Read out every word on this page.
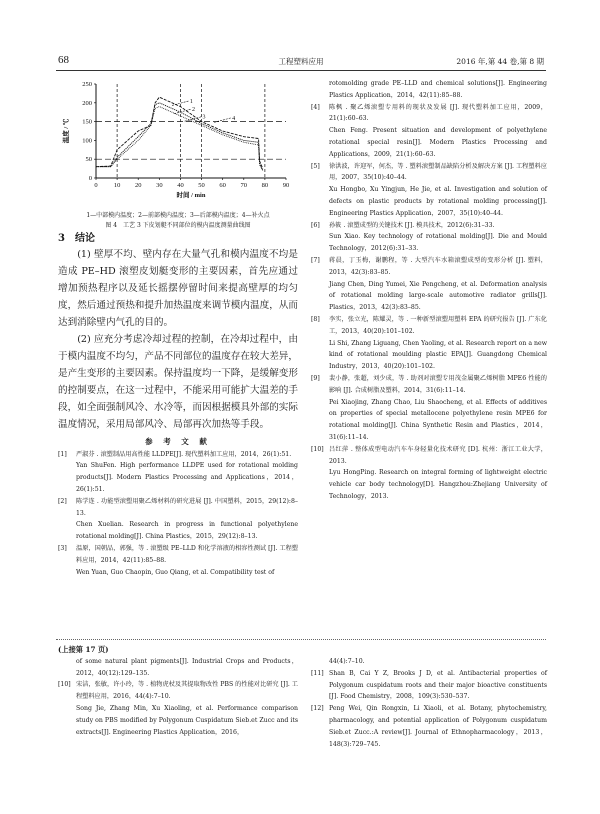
68	工程塑料应用	2016 年,第 44 卷,第 8 期
0 10 20 30 40 50 60 70 80 90
0
50
100
150
200
250
时间 / min
温度 / ℃
1
2
3	4

1—中部模内温度；2—前部模内温度；3—后部模内温度；4—补火点

图 4　工艺 3 下皮划艇不同部位的模内温度测量曲线图

3　结论

(1) 壁厚不均、壁内存在大量气孔和模内温度不均是造成 PE–HD 滚塑皮划艇变形的主要因素，首先应通过增加预热程序以及延长摇摆停留时间来提高壁厚的均匀度，然后通过预热和提升加热温度来调节模内温度，从而达到消除壁内气孔的目的。

(2) 应充分考虑冷却过程的控制，在冷却过程中，由于模内温度不均匀，产品不同部位的温度存在较大差异，是产生变形的主要因素。保持温度均一下降，是缓解变形的控制要点，在这一过程中，不能采用可能扩大温差的手段，如全面强制风冷、水冷等，而因根据模具外部的实际温度情况，采用局部风冷、局部再次加热等手段。

参 考 文 献
[1] 严淑芬 . 滚塑制品用高性能 LLDPE[J]. 现代塑料加工应用，2014，26(1):51.

Yan ShuFen. High performance LLDPE used for rotational molding products[J]. Modern Plastics Processing and Applications，2014，26(1):51.

[2] 陈学连 . 功能型滚塑用聚乙烯材料的研究进展 [J]. 中国塑料，2015，29(12):8–13.

Chen Xuelian. Research in progress in functional polyethylene rotational molding[J]. China Plastics，2015，29(12):8–13.

[3] 温原，国朝品，郭强，等 . 滚塑级 PE–LLD 和化学溶液的相容性测试 [J]. 工程塑料应用，2014，42(11):85–88.

Wen Yuan, Guo Chaopin, Guo Qiang, et al. Compatibility test of

rotomolding grade PE–LLD and chemical solutions[J]. Engineering Plastics Application，2014，42(11):85–88.

[4] 陈枫 . 聚乙烯滚塑专用料的现状及发展 [J]. 现代塑料加工应用，2009，21(1):60–63.

Chen Feng. Present situation and development of polyethylene rotational special resin[J]. Modern Plastics Processing and Applications，2009，21(1):60–63.

[5] 徐洪波，许迎军，何杰，等 . 塑料滚塑制品缺陷分析及解决方案 [J]. 工程塑料应用，2007，35(10):40–44.

Xu Hongbo, Xu Yingjun, He Jie, et al. Investigation and solution of defects on plastic products by rotational molding processing[J]. Engineering Plastics Application，2007，35(10):40–44.

[6] 孙筱 . 滚塑成型的关键技术 [J]. 模具技术，2012(6):31–33.

Sun Xiao. Key technology of rotational molding[J]. Die and Mould Technology，2012(6):31–33.

[7] 蒋晨，丁玉梅，谢鹏程，等 . 大型汽车水箱滚塑成型的变形分析 [J]. 塑料，2013，42(3):83–85.

Jiang Chen, Ding Yumei, Xie Pengcheng, et al. Deformation analysis of rotational molding large-scale automotive radiator grills[J]. Plastics，2013，42(3):83–85.

[8] 李实，张立光，陈耀灵，等 . 一种新型滚塑用塑料 EPA 的研究报告 [J]. 广东化工，2013，40(20):101–102.

Li Shi, Zhang Liguang, Chen Yaoling, et al. Research report on a new kind of rotational moulding plastic EPA[J]. Guangdong Chemical Industry，2013，40(20):101–102.

[9] 裴小静，张超，刘少成，等 . 助剂对滚塑专用茂金属聚乙烯树脂 MPE6 性能的影响 [J]. 合成树脂及塑料，2014，31(6):11–14.

Pei Xiaojing, Zhang Chao, Liu Shaocheng, et al. Effects of additives on properties of special metallocene polyethylene resin MPE6 for rotational molding[J]. China Synthetic Resin and Plastics，2014，31(6):11–14.

[10] 吕红萍 . 整体成型电动汽车车身轻量化技术研究 [D]. 杭州：浙江工业大学，2013.

Lyu HongPing. Research on integral forming of lightweight electric vehicle car body technology[D]. Hangzhou:Zhejiang University of Technology，2013.

(上接第 17 页)

of some natural plant pigments[J]. Industrial Crops and Products，2012，40(12):129–135.

[10] 宋洁，张敏，许小玲，等 . 植物虎杖及其提取物改性 PBS 的性能对比研究 [J]. 工程塑料应用，2016，44(4):7–10.

Song Jie, Zhang Min, Xu Xiaoling, et al. Performance comparison study on PBS modified by Polygonum Cuspidatum Sieb.et Zucc and its extracts[J]. Engineering Plastics Application，2016，

44(4):7–10.

[11] Shan B, Cai Y Z, Brooks J D, et al. Antibacterial properties of Polygonum cuspidatum roots and their major bioactive constituents [J]. Food Chemistry，2008，109(3):530–537.

[12] Peng Wei, Qin Rongxin, Li Xiaoli, et al. Botany, phytochemistry, pharmacology, and potential application of Polygonum cuspidatum Sieb.et Zucc.:A review[J]. Journal of Ethnopharmacology，2013，148(3):729–745.
